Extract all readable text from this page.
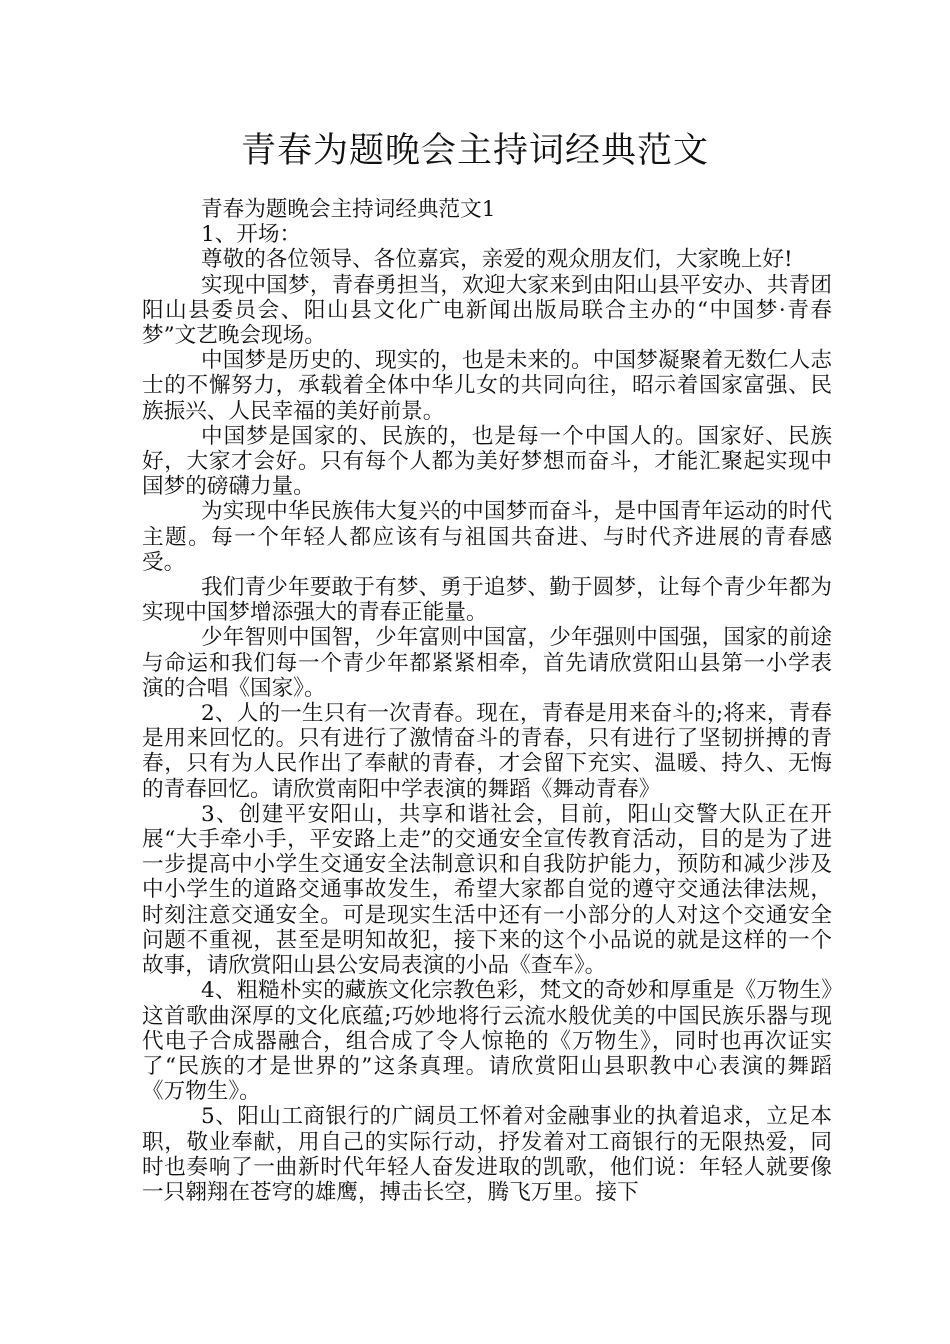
青春为题晚会主持词经典范文

青春为题晚会主持词经典范文1

1、开场：

尊敬的各位领导、各位嘉宾，亲爱的观众朋友们，大家晚上好!

实现中国梦，青春勇担当，欢迎大家来到由阳山县平安办、共青团阳山县委员会、阳山县文化广电新闻出版局联合主办的“中国梦·青春梦”文艺晚会现场。

中国梦是历史的、现实的，也是未来的。中国梦凝聚着无数仁人志士的不懈努力，承载着全体中华儿女的共同向往，昭示着国家富强、民族振兴、人民幸福的美好前景。

中国梦是国家的、民族的，也是每一个中国人的。国家好、民族好，大家才会好。只有每个人都为美好梦想而奋斗，才能汇聚起实现中国梦的磅礴力量。

为实现中华民族伟大复兴的中国梦而奋斗，是中国青年运动的时代主题。每一个年轻人都应该有与祖国共奋进、与时代齐进展的青春感受。

我们青少年要敢于有梦、勇于追梦、勤于圆梦，让每个青少年都为实现中国梦增添强大的青春正能量。

少年智则中国智，少年富则中国富，少年强则中国强，国家的前途与命运和我们每一个青少年都紧紧相牵，首先请欣赏阳山县第一小学表演的合唱《国家》。

2、人的一生只有一次青春。现在，青春是用来奋斗的;将来，青春是用来回忆的。只有进行了激情奋斗的青春，只有进行了坚韧拼搏的青春，只有为人民作出了奉献的青春，才会留下充实、温暖、持久、无悔的青春回忆。请欣赏南阳中学表演的舞蹈《舞动青春》

3、创建平安阳山，共享和谐社会，目前，阳山交警大队正在开展“大手牵小手，平安路上走”的交通安全宣传教育活动，目的是为了进一步提高中小学生交通安全法制意识和自我防护能力，预防和减少涉及中小学生的道路交通事故发生，希望大家都自觉的遵守交通法律法规，时刻注意交通安全。可是现实生活中还有一小部分的人对这个交通安全问题不重视，甚至是明知故犯，接下来的这个小品说的就是这样的一个故事，请欣赏阳山县公安局表演的小品《查车》。

4、粗糙朴实的藏族文化宗教色彩，梵文的奇妙和厚重是《万物生》这首歌曲深厚的文化底蕴;巧妙地将行云流水般优美的中国民族乐器与现代电子合成器融合，组合成了令人惊艳的《万物生》，同时也再次证实了“民族的才是世界的”这条真理。请欣赏阳山县职教中心表演的舞蹈《万物生》。

5、阳山工商银行的广阔员工怀着对金融事业的执着追求，立足本职，敬业奉献，用自己的实际行动，抒发着对工商银行的无限热爱，同时也奏响了一曲新时代年轻人奋发进取的凯歌，他们说：年轻人就要像一只翱翔在苍穹的雄鹰，搏击长空，腾飞万里。接下
